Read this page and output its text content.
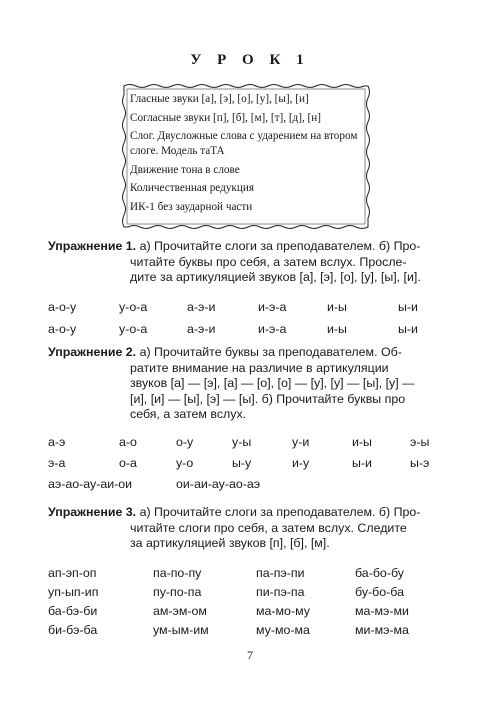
У Р О К 1
Гласные звуки [а], [э], [о], [у], [ы], [и]
Согласные звуки [п], [б], [м], [т], [д], [н]
Слог. Двусложные слова с ударением на втором слоге. Модель таТА
Движение тона в слове
Количественная редукция
ИК-1 без заударной части
Упражнение 1. а) Прочитайте слоги за преподавателем. б) Про-
читайте буквы про себя, а затем вслух. Просле-
дите за артикуляцией звуков [а], [э], [о], [у], [ы], [и].
а-о-у	у-о-а	а-э-и	и-э-а	и-ы	ы-и
а-о-у	у-о-а	а-э-и	и-э-а	и-ы	ы-и
Упражнение 2. а) Прочитайте буквы за преподавателем. Об-
ратите внимание на различие в артикуляции
звуков [а] — [э], [а] — [о], [о] — [у], [у] — [ы], [у] —
[и], [и] — [ы], [э] — [ы]. б) Прочитайте буквы про
себя, а затем вслух.
а-э	а-о	о-у	у-ы	у-и	и-ы	э-ы
э-а	о-а	у-о	ы-у	и-у	ы-и	ы-э
аэ-ао-ау-аи-ои	ои-аи-ау-ао-аэ
Упражнение 3. а) Прочитайте слоги за преподавателем. б) Про-
читайте слоги про себя, а затем вслух. Следите
за артикуляцией звуков [п], [б], [м].
ап-эп-оп	па-по-пу	па-пэ-пи	ба-бо-бу
уп-ып-ип	пу-по-па	пи-пэ-па	бу-бо-ба
ба-бэ-би	ам-эм-ом	ма-мо-му	ма-мэ-ми
би-бэ-ба	ум-ым-им	му-мо-ма	ми-мэ-ма
7
